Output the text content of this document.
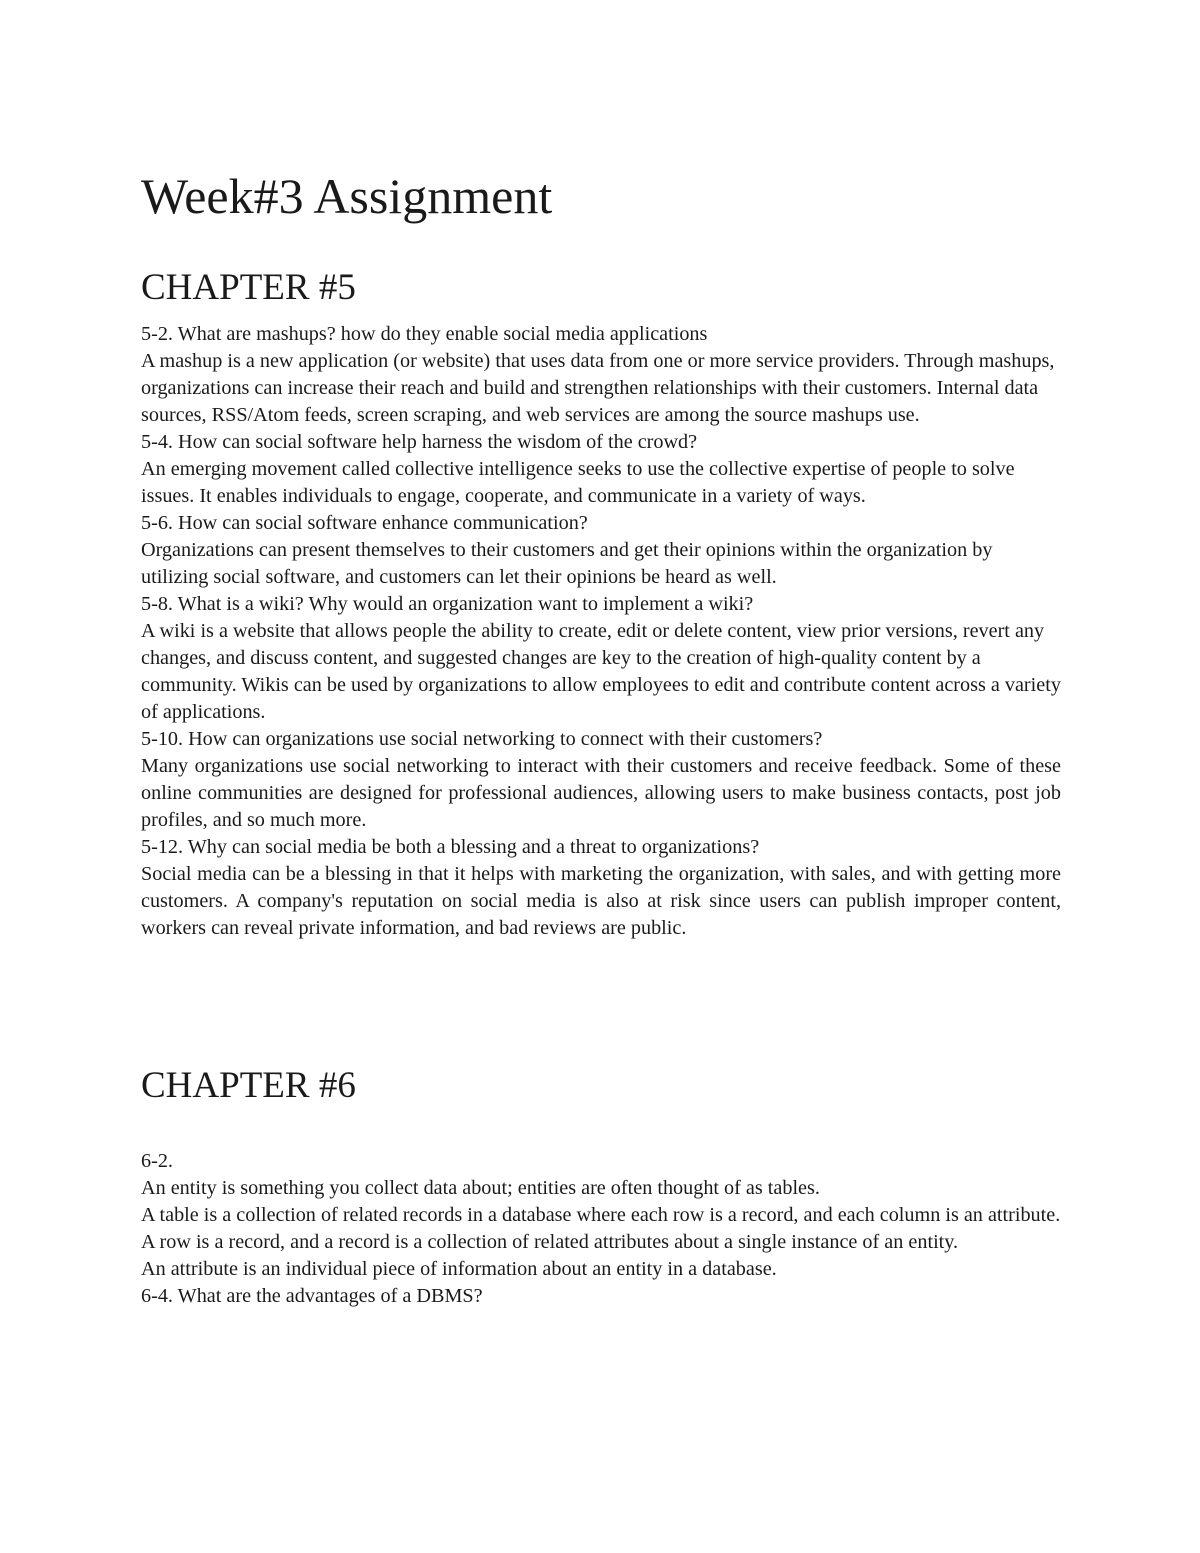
Week#3 Assignment
CHAPTER #5

5-2. What are mashups? how do they enable social media applications

A mashup is a new application (or website) that uses data from one or more service providers. Through mashups, organizations can increase their reach and build and strengthen relationships with their customers. Internal data sources, RSS/Atom feeds, screen scraping, and web services are among the source mashups use.

5-4. How can social software help harness the wisdom of the crowd?

An emerging movement called collective intelligence seeks to use the collective expertise of people to solve issues. It enables individuals to engage, cooperate, and communicate in a variety of ways.

5-6. How can social software enhance communication?

Organizations can present themselves to their customers and get their opinions within the organization by utilizing social software, and customers can let their opinions be heard as well.

5-8. What is a wiki? Why would an organization want to implement a wiki?

A wiki is a website that allows people the ability to create, edit or delete content, view prior versions, revert any changes, and discuss content, and suggested changes are key to the creation of high-quality content by a community. Wikis can be used by organizations to allow employees to edit and contribute content across a variety of applications.

5-10. How can organizations use social networking to connect with their customers?

Many organizations use social networking to interact with their customers and receive feedback. Some of these online communities are designed for professional audiences, allowing users to make business contacts, post job profiles, and so much more.

5-12. Why can social media be both a blessing and a threat to organizations?

Social media can be a blessing in that it helps with marketing the organization, with sales, and with getting more customers. A company's reputation on social media is also at risk since users can publish improper content, workers can reveal private information, and bad reviews are public.

CHAPTER #6

6-2.

An entity is something you collect data about; entities are often thought of as tables.

A table is a collection of related records in a database where each row is a record, and each column is an attribute.

A row is a record, and a record is a collection of related attributes about a single instance of an entity.

An attribute is an individual piece of information about an entity in a database.

6-4. What are the advantages of a DBMS?
